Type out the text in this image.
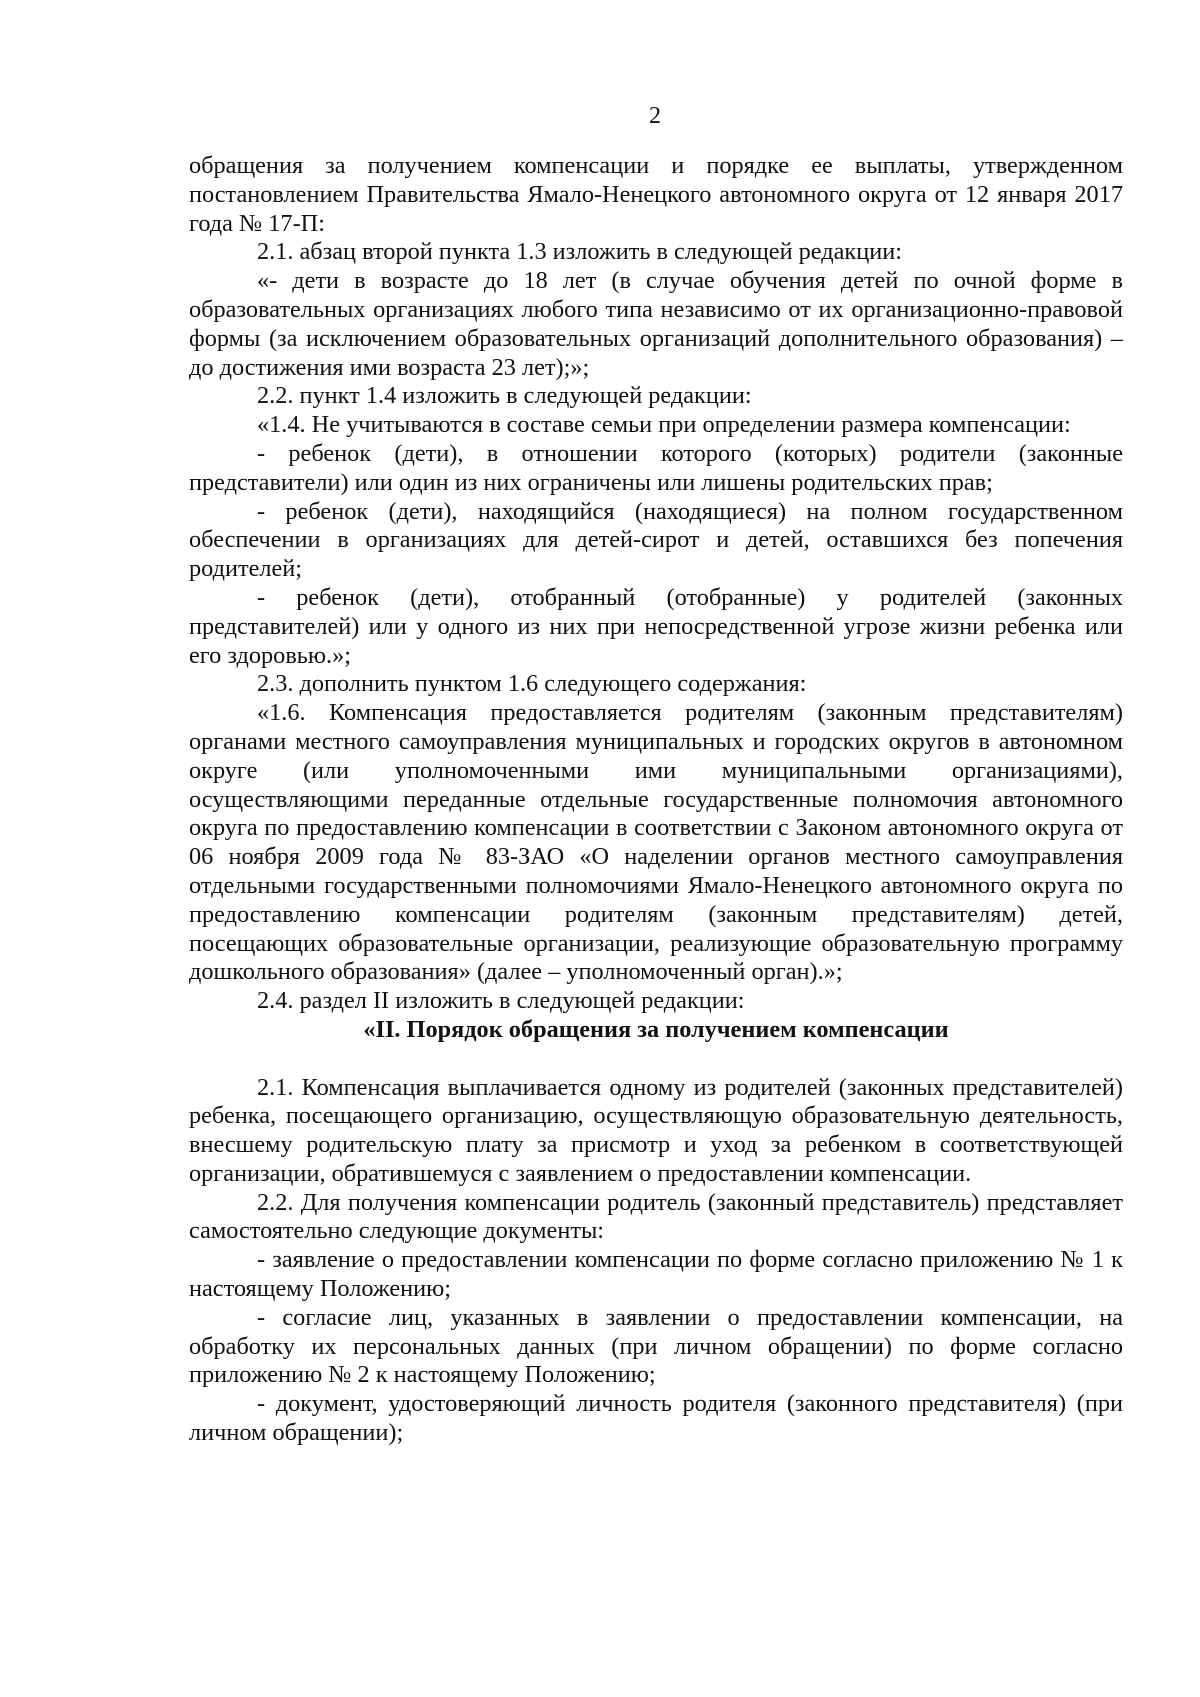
2

обращения за получением компенсации и порядке ее выплаты, утвержденном постановлением Правительства Ямало-Ненецкого автономного округа от 12 января 2017 года № 17-П:

2.1. абзац второй пункта 1.3 изложить в следующей редакции:

«- дети в возрасте до 18 лет (в случае обучения детей по очной форме в образовательных организациях любого типа независимо от их организационно-правовой формы (за исключением образовательных организаций дополнительного образования) – до достижения ими возраста 23 лет);»;

2.2. пункт 1.4 изложить в следующей редакции:

«1.4. Не учитываются в составе семьи при определении размера компенсации:

- ребенок (дети), в отношении которого (которых) родители (законные представители) или один из них ограничены или лишены родительских прав;

- ребенок (дети), находящийся (находящиеся) на полном государственном обеспечении в организациях для детей-сирот и детей, оставшихся без попечения родителей;

- ребенок (дети), отобранный (отобранные) у родителей (законных представителей) или у одного из них при непосредственной угрозе жизни ребенка или его здоровью.»;

2.3. дополнить пунктом 1.6 следующего содержания:

«1.6. Компенсация предоставляется родителям (законным представителям) органами местного самоуправления муниципальных и городских округов в автономном округе (или уполномоченными ими муниципальными организациями), осуществляющими переданные отдельные государственные полномочия автономного округа по предоставлению компенсации в соответствии с Законом автономного округа от 06 ноября 2009 года № 83-ЗАО «О наделении органов местного самоуправления отдельными государственными полномочиями Ямало-Ненецкого автономного округа по предоставлению компенсации родителям (законным представителям) детей, посещающих образовательные организации, реализующие образовательную программу дошкольного образования» (далее – уполномоченный орган).»;

2.4. раздел II изложить в следующей редакции:

«II. Порядок обращения за получением компенсации

2.1. Компенсация выплачивается одному из родителей (законных представителей) ребенка, посещающего организацию, осуществляющую образовательную деятельность, внесшему родительскую плату за присмотр и уход за ребенком в соответствующей организации, обратившемуся с заявлением о предоставлении компенсации.

2.2. Для получения компенсации родитель (законный представитель) представляет самостоятельно следующие документы:

- заявление о предоставлении компенсации по форме согласно приложению № 1 к настоящему Положению;

- согласие лиц, указанных в заявлении о предоставлении компенсации, на обработку их персональных данных (при личном обращении) по форме согласно приложению № 2 к настоящему Положению;

- документ, удостоверяющий личность родителя (законного представителя) (при личном обращении);
